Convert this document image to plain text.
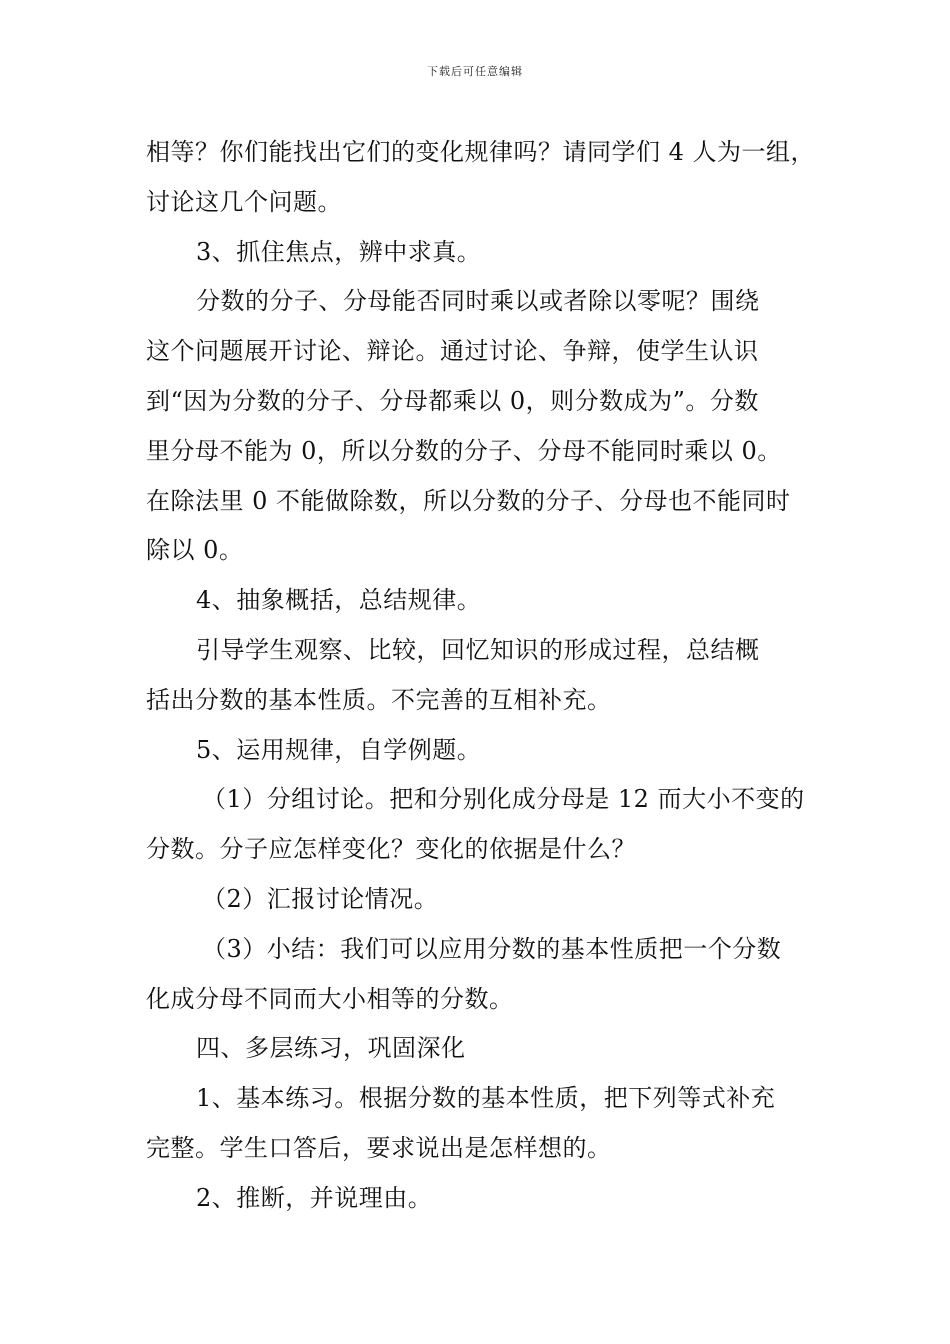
下载后可任意编辑
相等？你们能找出它们的变化规律吗？请同学们 4 人为一组，
讨论这几个问题。
3、抓住焦点，辨中求真。
分数的分子、分母能否同时乘以或者除以零呢？围绕
这个问题展开讨论、辩论。通过讨论、争辩，使学生认识
到“因为分数的分子、分母都乘以 0，则分数成为”。分数
里分母不能为 0，所以分数的分子、分母不能同时乘以 0。
在除法里 0 不能做除数，所以分数的分子、分母也不能同时
除以 0。
4、抽象概括，总结规律。
引导学生观察、比较，回忆知识的形成过程，总结概
括出分数的基本性质。不完善的互相补充。
5、运用规律，自学例题。
（1）分组讨论。把和分别化成分母是 12 而大小不变的
分数。分子应怎样变化？变化的依据是什么？
（2）汇报讨论情况。
（3）小结：我们可以应用分数的基本性质把一个分数
化成分母不同而大小相等的分数。
四、多层练习，巩固深化
1、基本练习。根据分数的基本性质，把下列等式补充
完整。学生口答后，要求说出是怎样想的。
2、推断，并说理由。
